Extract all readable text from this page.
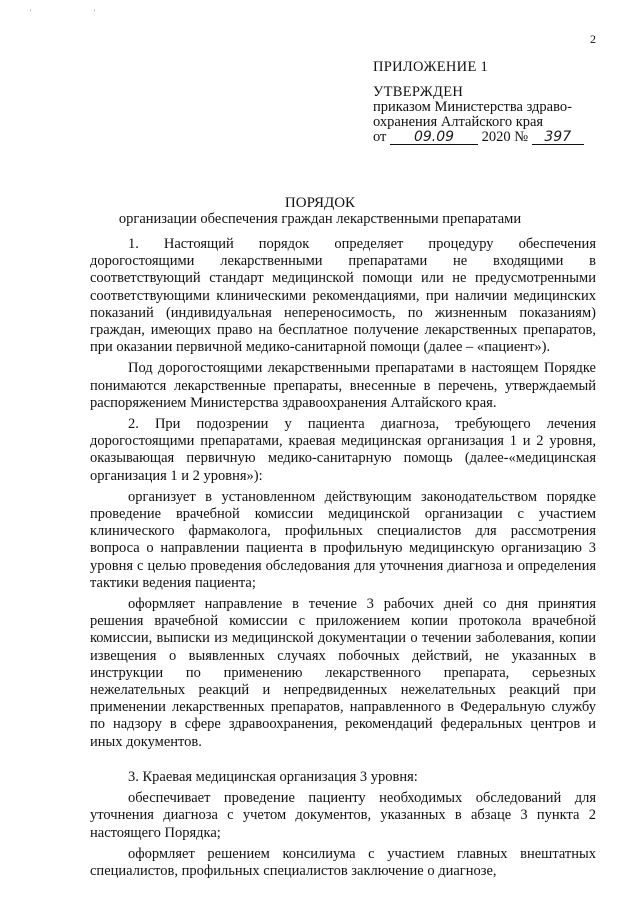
' '
2
ПРИЛОЖЕНИЕ 1
УТВЕРЖДЕН
приказом Министерства здраво-
охранения Алтайского края
от 09.09 2020 № 397
ПОРЯДОК
организации обеспечения граждан лекарственными препаратами

1. Настоящий порядок определяет процедуру обеспечения дорогостоящими лекарственными препаратами не входящими в соответствующий стандарт медицинской помощи или не предусмотренными соответствующими клиническими рекомендациями, при наличии медицинских показаний (индивидуальная непереносимость, по жизненным показаниям) граждан, имеющих право на бесплатное получение лекарственных препаратов, при оказании первичной медико-санитарной помощи (далее – «пациент»).

Под дорогостоящими лекарственными препаратами в настоящем Порядке понимаются лекарственные препараты, внесенные в перечень, утверждаемый распоряжением Министерства здравоохранения Алтайского края.

2. При подозрении у пациента диагноза, требующего лечения дорогостоящими препаратами, краевая медицинская организация 1 и 2 уровня, оказывающая первичную медико-санитарную помощь (далее-«медицинская организация 1 и 2 уровня»):

организует в установленном действующим законодательством порядке проведение врачебной комиссии медицинской организации с участием клинического фармаколога, профильных специалистов для рассмотрения вопроса о направлении пациента в профильную медицинскую организацию 3 уровня с целью проведения обследования для уточнения диагноза и определения тактики ведения пациента;

оформляет направление в течение 3 рабочих дней со дня принятия решения врачебной комиссии с приложением копии протокола врачебной комиссии, выписки из медицинской документации о течении заболевания, копии извещения о выявленных случаях побочных действий, не указанных в инструкции по применению лекарственного препарата, серьезных нежелательных реакций и непредвиденных нежелательных реакций при применении лекарственных препаратов, направленного в Федеральную службу по надзору в сфере здравоохранения, рекомендаций федеральных центров и иных документов.

3. Краевая медицинская организация 3 уровня:

обеспечивает проведение пациенту необходимых обследований для уточнения диагноза с учетом документов, указанных в абзаце 3 пункта 2 настоящего Порядка;

оформляет решением консилиума с участием главных внештатных специалистов, профильных специалистов заключение о диагнозе,
